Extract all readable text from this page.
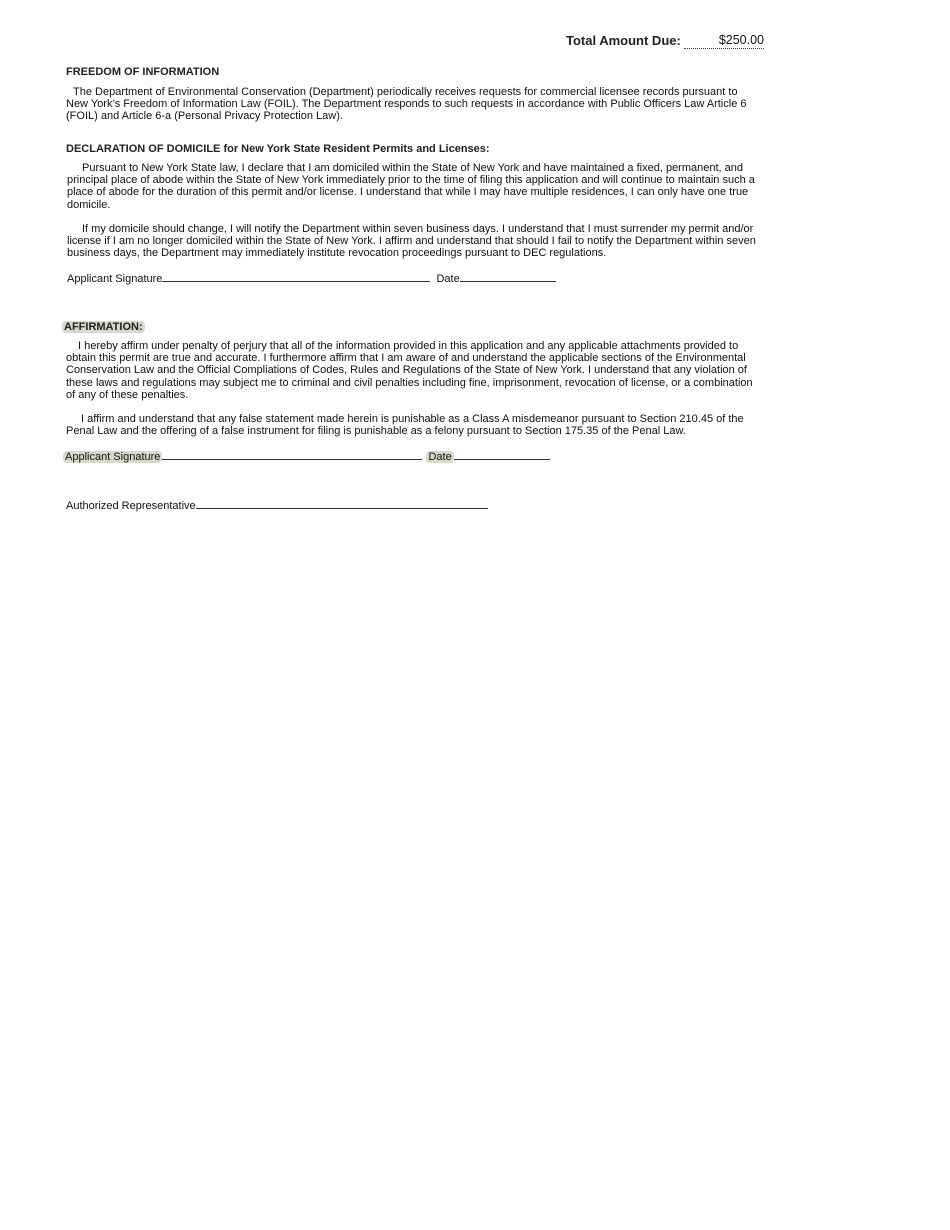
Total Amount Due:	$250.00
FREEDOM OF INFORMATION

The Department of Environmental Conservation (Department) periodically receives requests for commercial licensee records pursuant to New York’s Freedom of Information Law (FOIL). The Department responds to such requests in accordance with Public Officers Law Article 6 (FOIL) and Article 6-a (Personal Privacy Protection Law).

DECLARATION OF DOMICILE for New York State Resident Permits and Licenses:

Pursuant to New York State law, I declare that I am domiciled within the State of New York and have maintained a fixed, permanent, and principal place of abode within the State of New York immediately prior to the time of filing this application and will continue to maintain such a place of abode for the duration of this permit and/or license. I understand that while I may have multiple residences, I can only have one true domicile.

If my domicile should change, I will notify the Department within seven business days. I understand that I must surrender my permit and/or license if I am no longer domiciled within the State of New York. I affirm and understand that should I fail to notify the Department within seven business days, the Department may immediately institute revocation proceedings pursuant to DEC regulations.

Applicant Signature	Date
AFFIRMATION:

I hereby affirm under penalty of perjury that all of the information provided in this application and any applicable attachments provided to obtain this permit are true and accurate. I furthermore affirm that I am aware of and understand the applicable sections of the Environmental Conservation Law and the Official Compliations of Codes, Rules and Regulations of the State of New York. I understand that any violation of these laws and regulations may subject me to criminal and civil penalties including fine, imprisonment, revocation of license, or a combination of any of these penalties.

I affirm and understand that any false statement made herein is punishable as a Class A misdemeanor pursuant to Section 210.45 of the Penal Law and the offering of a false instrument for filing is punishable as a felony pursuant to Section 175.35 of the Penal Law.

Applicant Signature	Date
Authorized Representative
